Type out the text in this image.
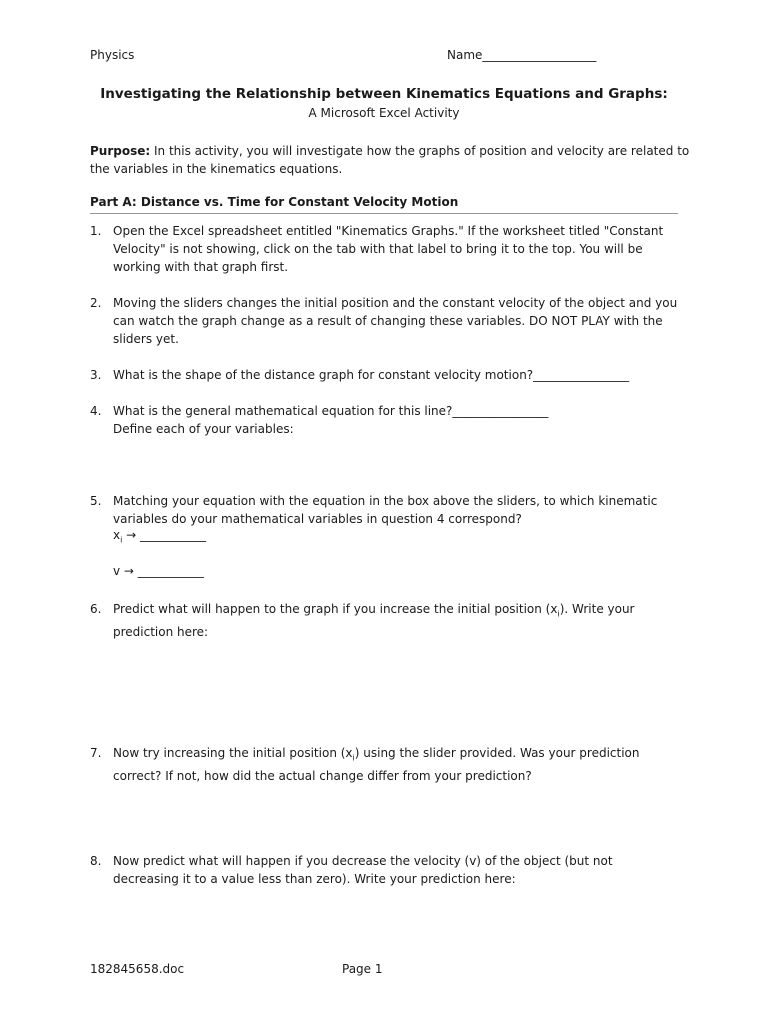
Physics	Name___________________
Investigating the Relationship between Kinematics Equations and Graphs:
A Microsoft Excel Activity
Purpose: In this activity, you will investigate how the graphs of position and velocity are related to the variables in the kinematics equations.
Part A: Distance vs. Time for Constant Velocity Motion
1. Open the Excel spreadsheet entitled "Kinematics Graphs." If the worksheet titled "Constant Velocity" is not showing, click on the tab with that label to bring it to the top. You will be working with that graph first.
2. Moving the sliders changes the initial position and the constant velocity of the object and you can watch the graph change as a result of changing these variables. DO NOT PLAY with the sliders yet.
3. What is the shape of the distance graph for constant velocity motion?________________
4. What is the general mathematical equation for this line?________________
Define each of your variables:
5. Matching your equation with the equation in the box above the sliders, to which kinematic variables do your mathematical variables in question 4 correspond?
$x_i$ → ___________
v → ___________
6. Predict what will happen to the graph if you increase the initial position $(x_i)$. Write your prediction here:
7. Now try increasing the initial position $(x_i)$ using the slider provided. Was your prediction correct? If not, how did the actual change differ from your prediction?
8. Now predict what will happen if you decrease the velocity (v) of the object (but not decreasing it to a value less than zero). Write your prediction here:
182845658.doc	Page 1
